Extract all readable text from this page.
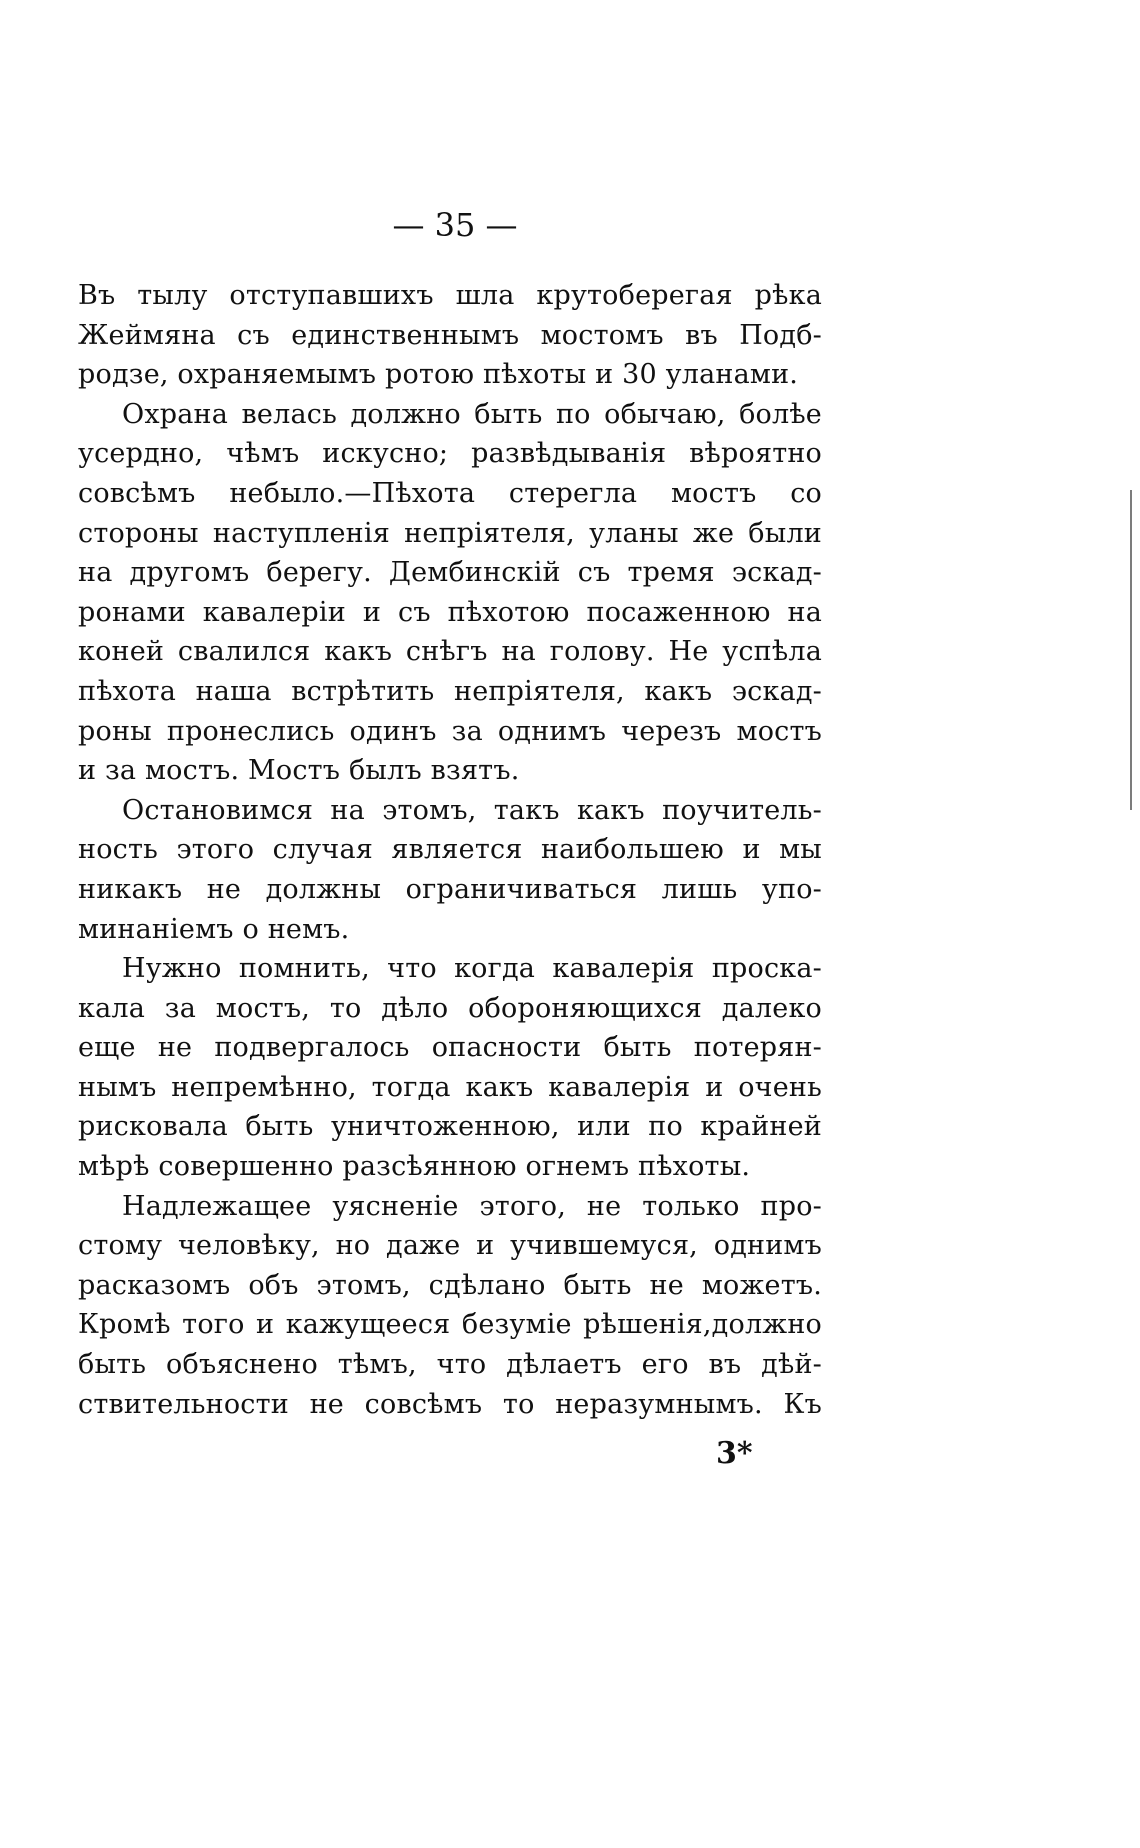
— 35 —
Въ тылу отступавшихъ шла крутоберегая рѣка
Жеймяна съ единственнымъ мостомъ въ Подб-
родзе, охраняемымъ ротою пѣхоты и 30 уланами.
Охрана велась должно быть по обычаю, болѣе
усердно, чѣмъ искусно; развѣдыванія вѣроятно
совсѣмъ небыло.—Пѣхота стерегла мостъ со
стороны наступленія непріятеля, уланы же были
на другомъ берегу. Дембинскій съ тремя эскад-
ронами кавалеріи и съ пѣхотою посаженною на
коней свалился какъ снѣгъ на голову. Не успѣла
пѣхота наша встрѣтить непріятеля, какъ эскад-
роны пронеслись одинъ за однимъ черезъ мостъ
и за мостъ. Мостъ былъ взятъ.
Остановимся на этомъ, такъ какъ поучитель-
ность этого случая является наибольшею и мы
никакъ не должны ограничиваться лишь упо-
минаніемъ о немъ.
Нужно помнить, что когда кавалерія проска-
кала за мостъ, то дѣло обороняющихся далеко
еще не подвергалось опасности быть потерян-
нымъ непремѣнно, тогда какъ кавалерія и очень
рисковала быть уничтоженною, или по крайней
мѣрѣ совершенно разсѣянною огнемъ пѣхоты.
Надлежащее уясненіе этого, не только про-
стому человѣку, но даже и учившемуся, однимъ
расказомъ объ этомъ, сдѣлано быть не можетъ.
Кромѣ того и кажущееся безуміе рѣшенія,должно
быть объяснено тѣмъ, что дѣлаетъ его въ дѣй-
ствительности не совсѣмъ то неразумнымъ. Къ
3*
